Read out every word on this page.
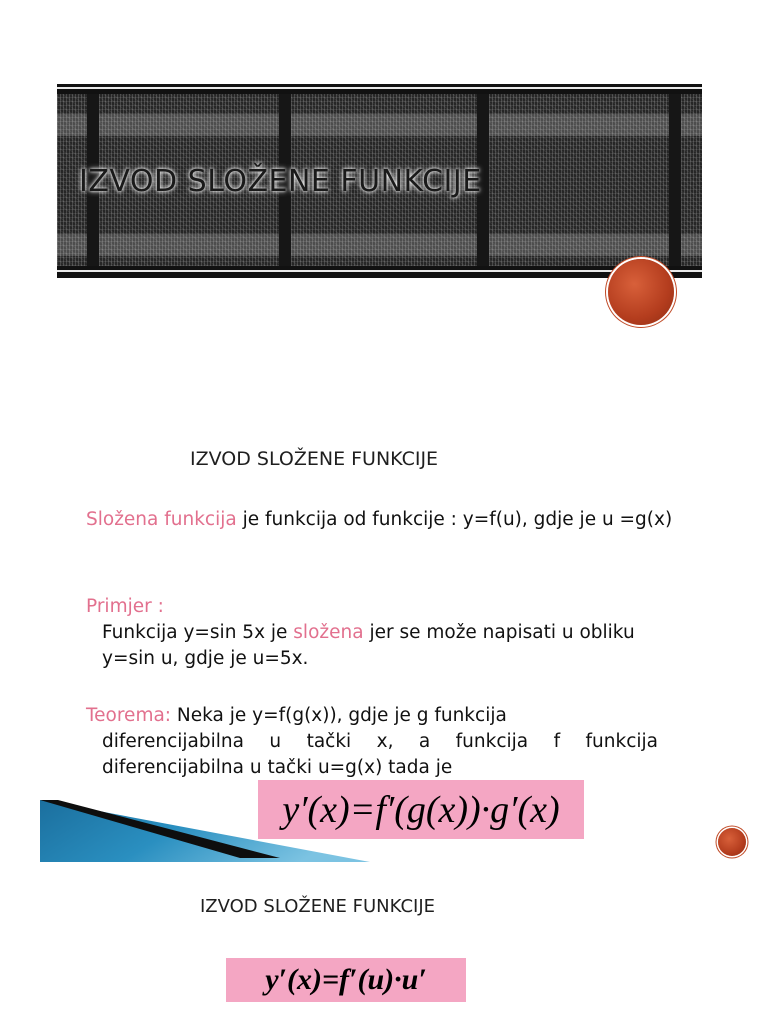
IZVOD SLOŽENE FUNKCIJE
IZVOD SLOŽENE FUNKCIJE
Složena funkcija je funkcija od funkcije : y=f(u), gdje je u =g(x)
Primjer :
Funkcija y=sin 5x je složena jer se može napisati u obliku y=sin u, gdje je u=5x.
Teorema: Neka je y=f(g(x)), gdje je g funkcija
diferencijabilna u tački x, a funkcija f funkcija diferencijabilna u tački u=g(x) tada je
y′(x)=f′(g(x))·g′(x)
IZVOD SLOŽENE FUNKCIJE
y′(x)=f′(u)·u′
